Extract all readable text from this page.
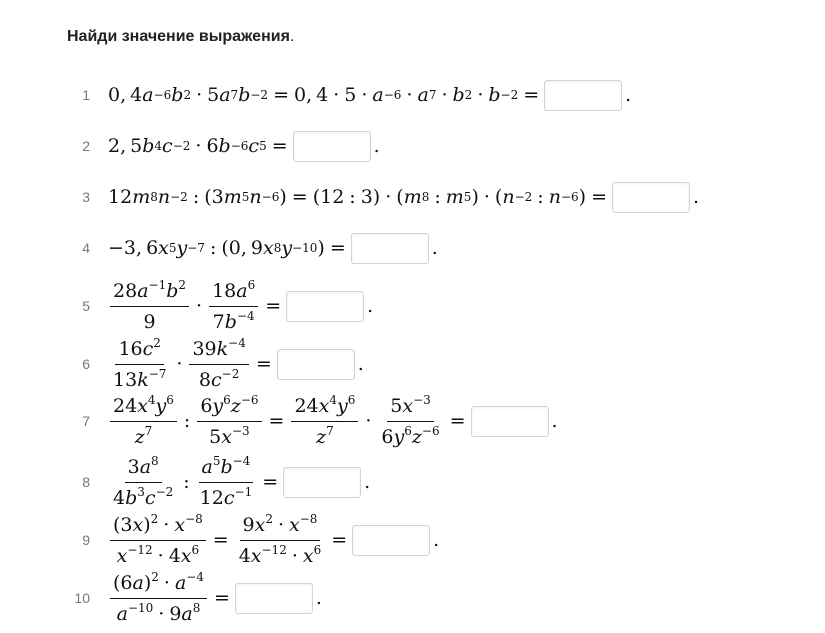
Найди значение выражения.
1 0, 4 a −6 b 2 · 5 a 7 b −2 = 0, 4 · 5 · a −6 · a 7 · b 2 · b −2 =	.
2 2, 5 b 4 c −2 · 6 b −6 c 5 =	.
3 12 m 8 n −2 : (3 m 5 n −6 ) = (12 : 3) · ( m 8 : m 5 ) · ( n −2 : n −6 ) =	.
4 −3, 6 x 5 y −7 : (0, 9 x 8 y −10 ) =	.
$5 \frac{28a^{-1}b^2}{9} \cdot \frac{18a^6}{7b^{-4}}$ =	.
$6 \frac{16c^2}{13k^{-7}} \cdot \frac{39k^{-4}}{8c^{-2}}$ =	.
$7 \frac{24x^4y^6}{z^7}$ : $\frac{6y^6z^{-6}}{5x^{-3}} = \frac{24x^4y^6}{z^7} \cdot \frac{5x^{-3}}{6y^6z^{-6}}$ =	.
$8 \frac{3a^8}{4b^3c^{-2}}$ : $\frac{a^5b^{-4}}{12c^{-1}}$ =	.
$9 \frac{(3x)^2 \cdot x^{-8}}{x^{-12} \cdot 4x^6} = \frac{9x^2 \cdot x^{-8}}{4x^{-12} \cdot x^6}$ =	.
$10 \frac{(6a)^2 \cdot a^{-4}}{a^{-10} \cdot 9a^8}$ =	.
